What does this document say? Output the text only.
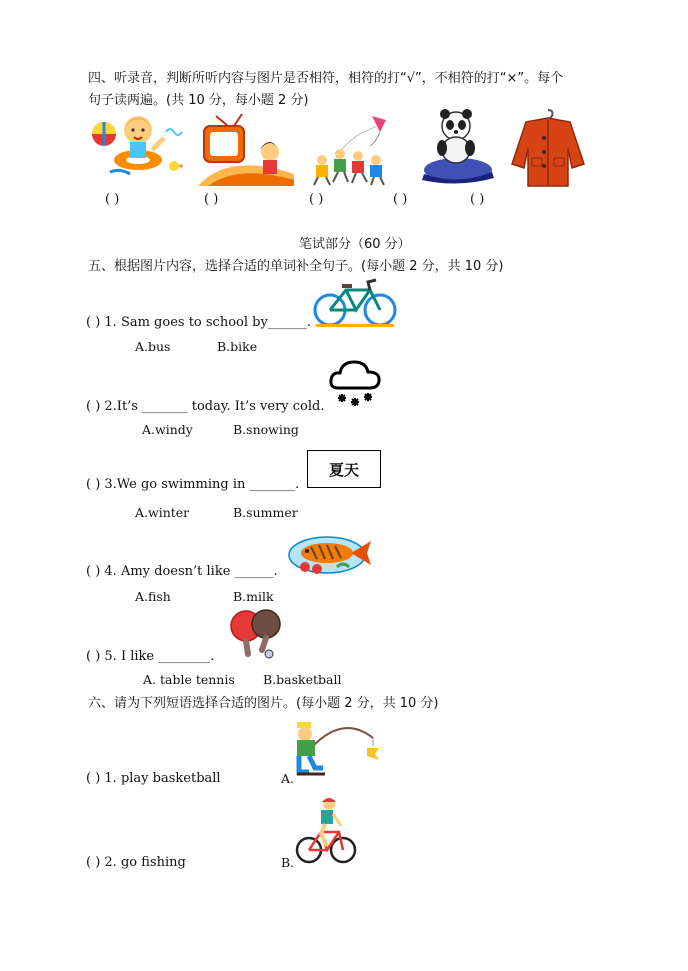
四、听录音，判断所听内容与图片是否相符，相符的打“√”，不相符的打“×”。每个
句子读两遍。(共 10 分，每小题 2 分)
( )	( )	( )	( )	( )
笔试部分（60 分）
五、根据图片内容，选择合适的单词补全句子。(每小题 2 分，共 10 分)
( ) 1. Sam goes to school by______.
A.bus	B.bike
( ) 2.It’s _______ today. It’s very cold.
A.windy	B.snowing
夏天
( ) 3.We go swimming in _______.
A.winter	B.summer
( ) 4. Amy doesn’t like ______.
A.fish	B.milk
( ) 5. I like ________.
A. table tennis B.basketball
六、请为下列短语选择合适的图片。(每小题 2 分，共 10 分)
( ) 1. play basketball	A.
( ) 2. go fishing	B.
